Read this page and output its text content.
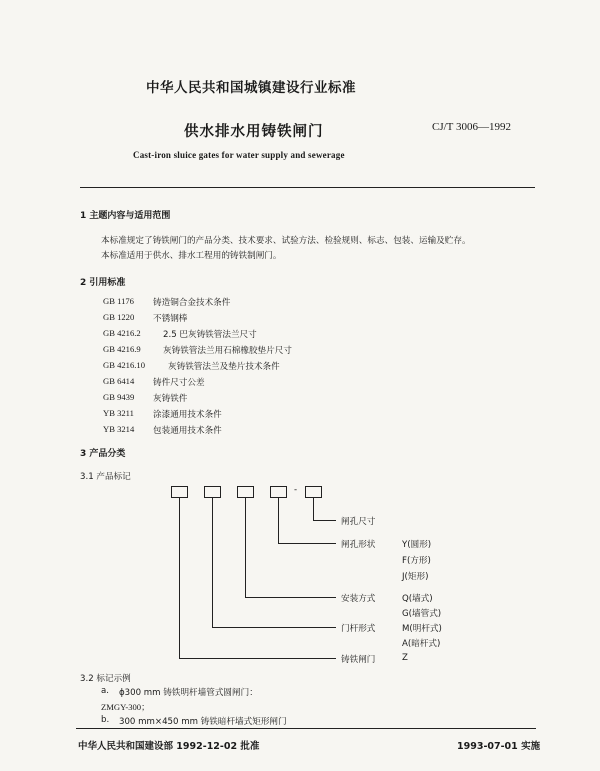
中华人民共和国城镇建设行业标准
供水排水用铸铁闸门	CJ/T 3006—1992
Cast-iron sluice gates for water supply and sewerage
1 主题内容与适用范围
本标准规定了铸铁闸门的产品分类、技术要求、试验方法、检验规则、标志、包装、运输及贮存。
本标准适用于供水、排水工程用的铸铁制闸门。
2 引用标准
GB 1176 铸造铜合金技术条件
GB 1220 不锈钢棒
GB 4216.2	2.5 巴灰铸铁管法兰尺寸
GB 4216.9	灰铸铁管法兰用石棉橡胶垫片尺寸
GB 4216.10	灰铸铁管法兰及垫片技术条件
GB 6414 铸件尺寸公差
GB 9439 灰铸铁件
YB 3211 涂漆通用技术条件
YB 3214 包装通用技术条件
3 产品分类
3.1 产品标记
-
闸孔尺寸
闸孔形状
安装方式
门杆形式
铸铁闸门
Y(圆形)
F(方形)
J(矩形)
Q(墙式)
G(墙管式)
M(明杆式)
A(暗杆式)
Z
3.2 标记示例
a. ϕ300 mm 铸铁明杆墙管式圆闸门：
ZMGY-300；
b. 300 mm×450 mm 铸铁暗杆墙式矩形闸门
中华人民共和国建设部 1992-12-02 批准	1993-07-01 实施
